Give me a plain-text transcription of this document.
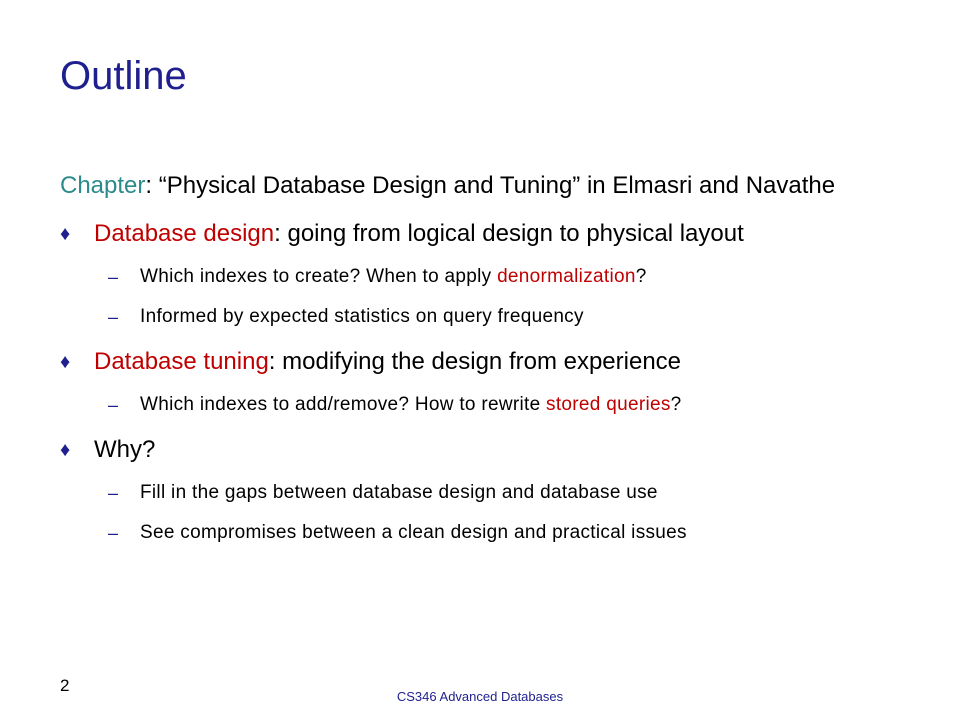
Outline
Chapter: “Physical Database Design and Tuning” in Elmasri and Navathe
♦ Database design: going from logical design to physical layout
– Which indexes to create? When to apply denormalization?
– Informed by expected statistics on query frequency
♦ Database tuning: modifying the design from experience
– Which indexes to add/remove? How to rewrite stored queries?
♦ Why?
– Fill in the gaps between database design and database use
– See compromises between a clean design and practical issues
2
CS346 Advanced Databases
